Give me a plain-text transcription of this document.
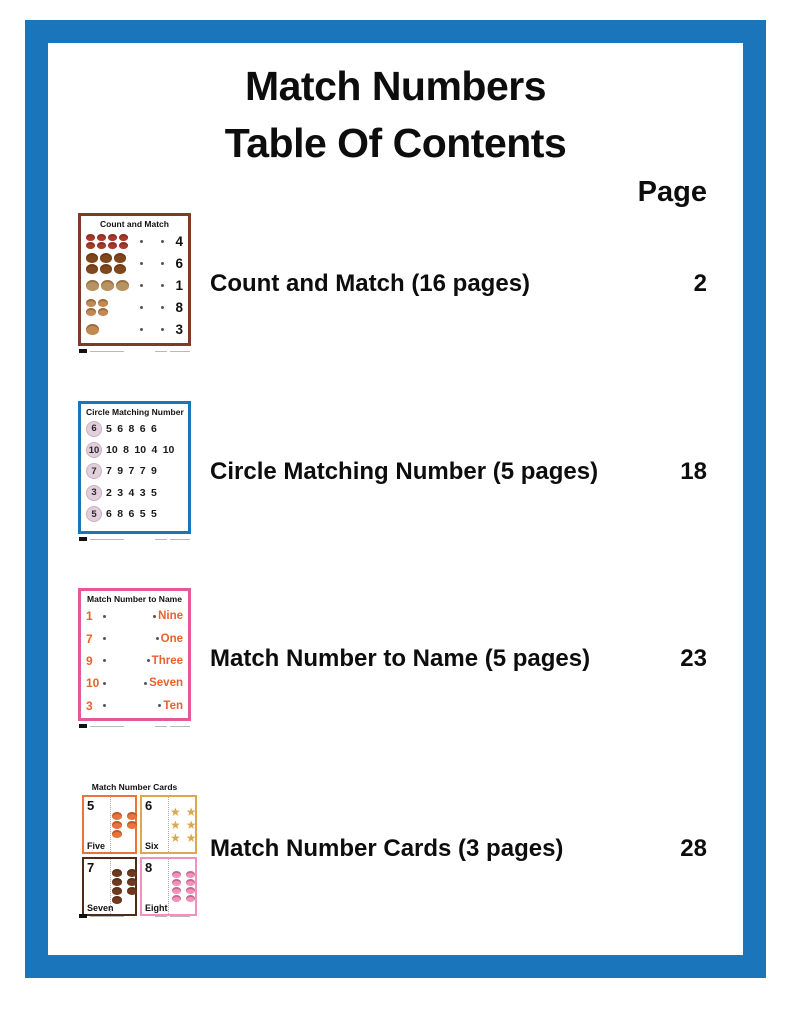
Match Numbers
Table Of Contents
Page
Count and Match
4
6
1
8
3
Count and Match (16 pages)	2
Circle Matching Number
6 5 6 8 6 6
10 10 8 10 4 10
7 7 9 7 7 9
3 2 3 4 3 5
5 6 8 6 5 5
Circle Matching Number (5 pages)	18
Match Number to Name
1	Nine
7	One
9	Three
10	Seven
3	Ten
Match Number to Name (5 pages)	23
Match Number Cards
5
Five
6
Six
★ ★
★ ★
★ ★
7
Seven
8
Eight
Match Number Cards (3 pages)	28
